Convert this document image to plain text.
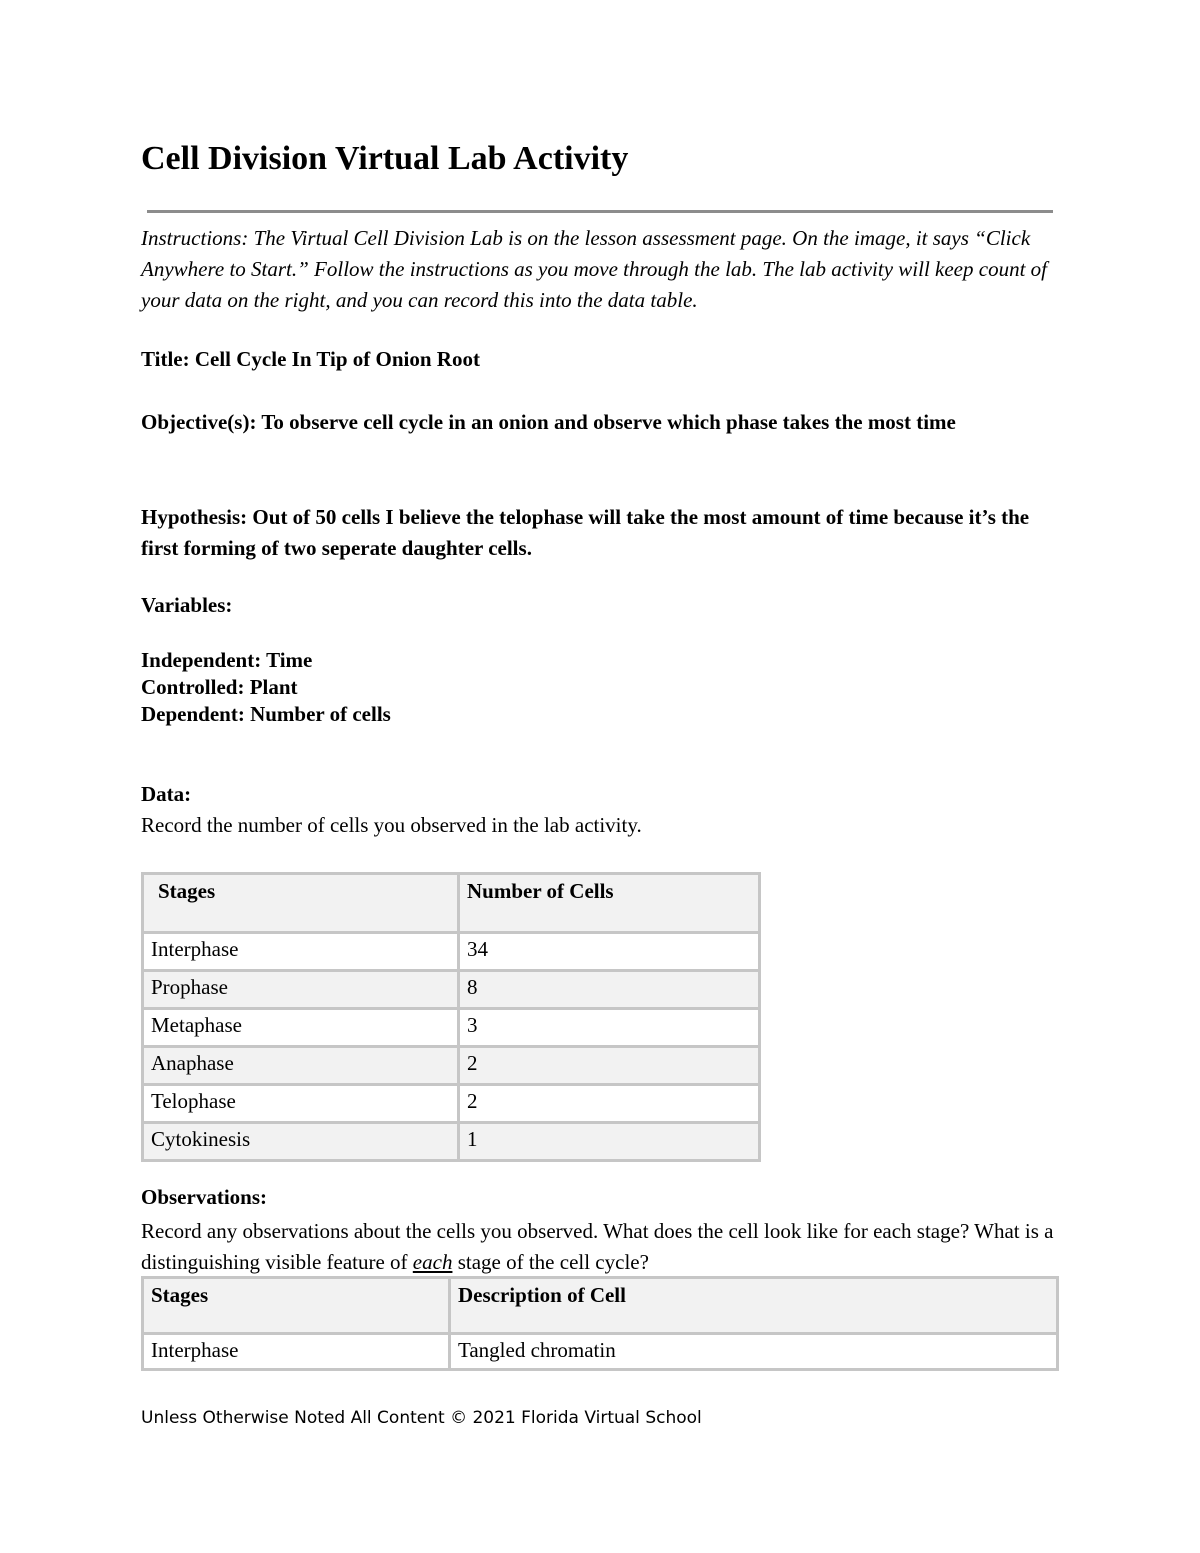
Cell Division Virtual Lab Activity
Instructions: The Virtual Cell Division Lab is on the lesson assessment page. On the image, it says “Click Anywhere to Start.” Follow the instructions as you move through the lab. The lab activity will keep count of your data on the right, and you can record this into the data table.
Title: Cell Cycle In Tip of Onion Root
Objective(s): To observe cell cycle in an onion and observe which phase takes the most time
Hypothesis: Out of 50 cells I believe the telophase will take the most amount of time because it’s the first forming of two seperate daughter cells.
Variables:
Independent: Time
Controlled: Plant
Dependent: Number of cells
Data:
Record the number of cells you observed in the lab activity.
Stages	Number of Cells
Interphase	34
Prophase	8
Metaphase	3
Anaphase	2
Telophase	2
Cytokinesis	1
Observations:
Record any observations about the cells you observed. What does the cell look like for each stage? What is a distinguishing visible feature of each stage of the cell cycle?
Stages	Description of Cell
Interphase	Tangled chromatin
Unless Otherwise Noted All Content © 2021 Florida Virtual School
